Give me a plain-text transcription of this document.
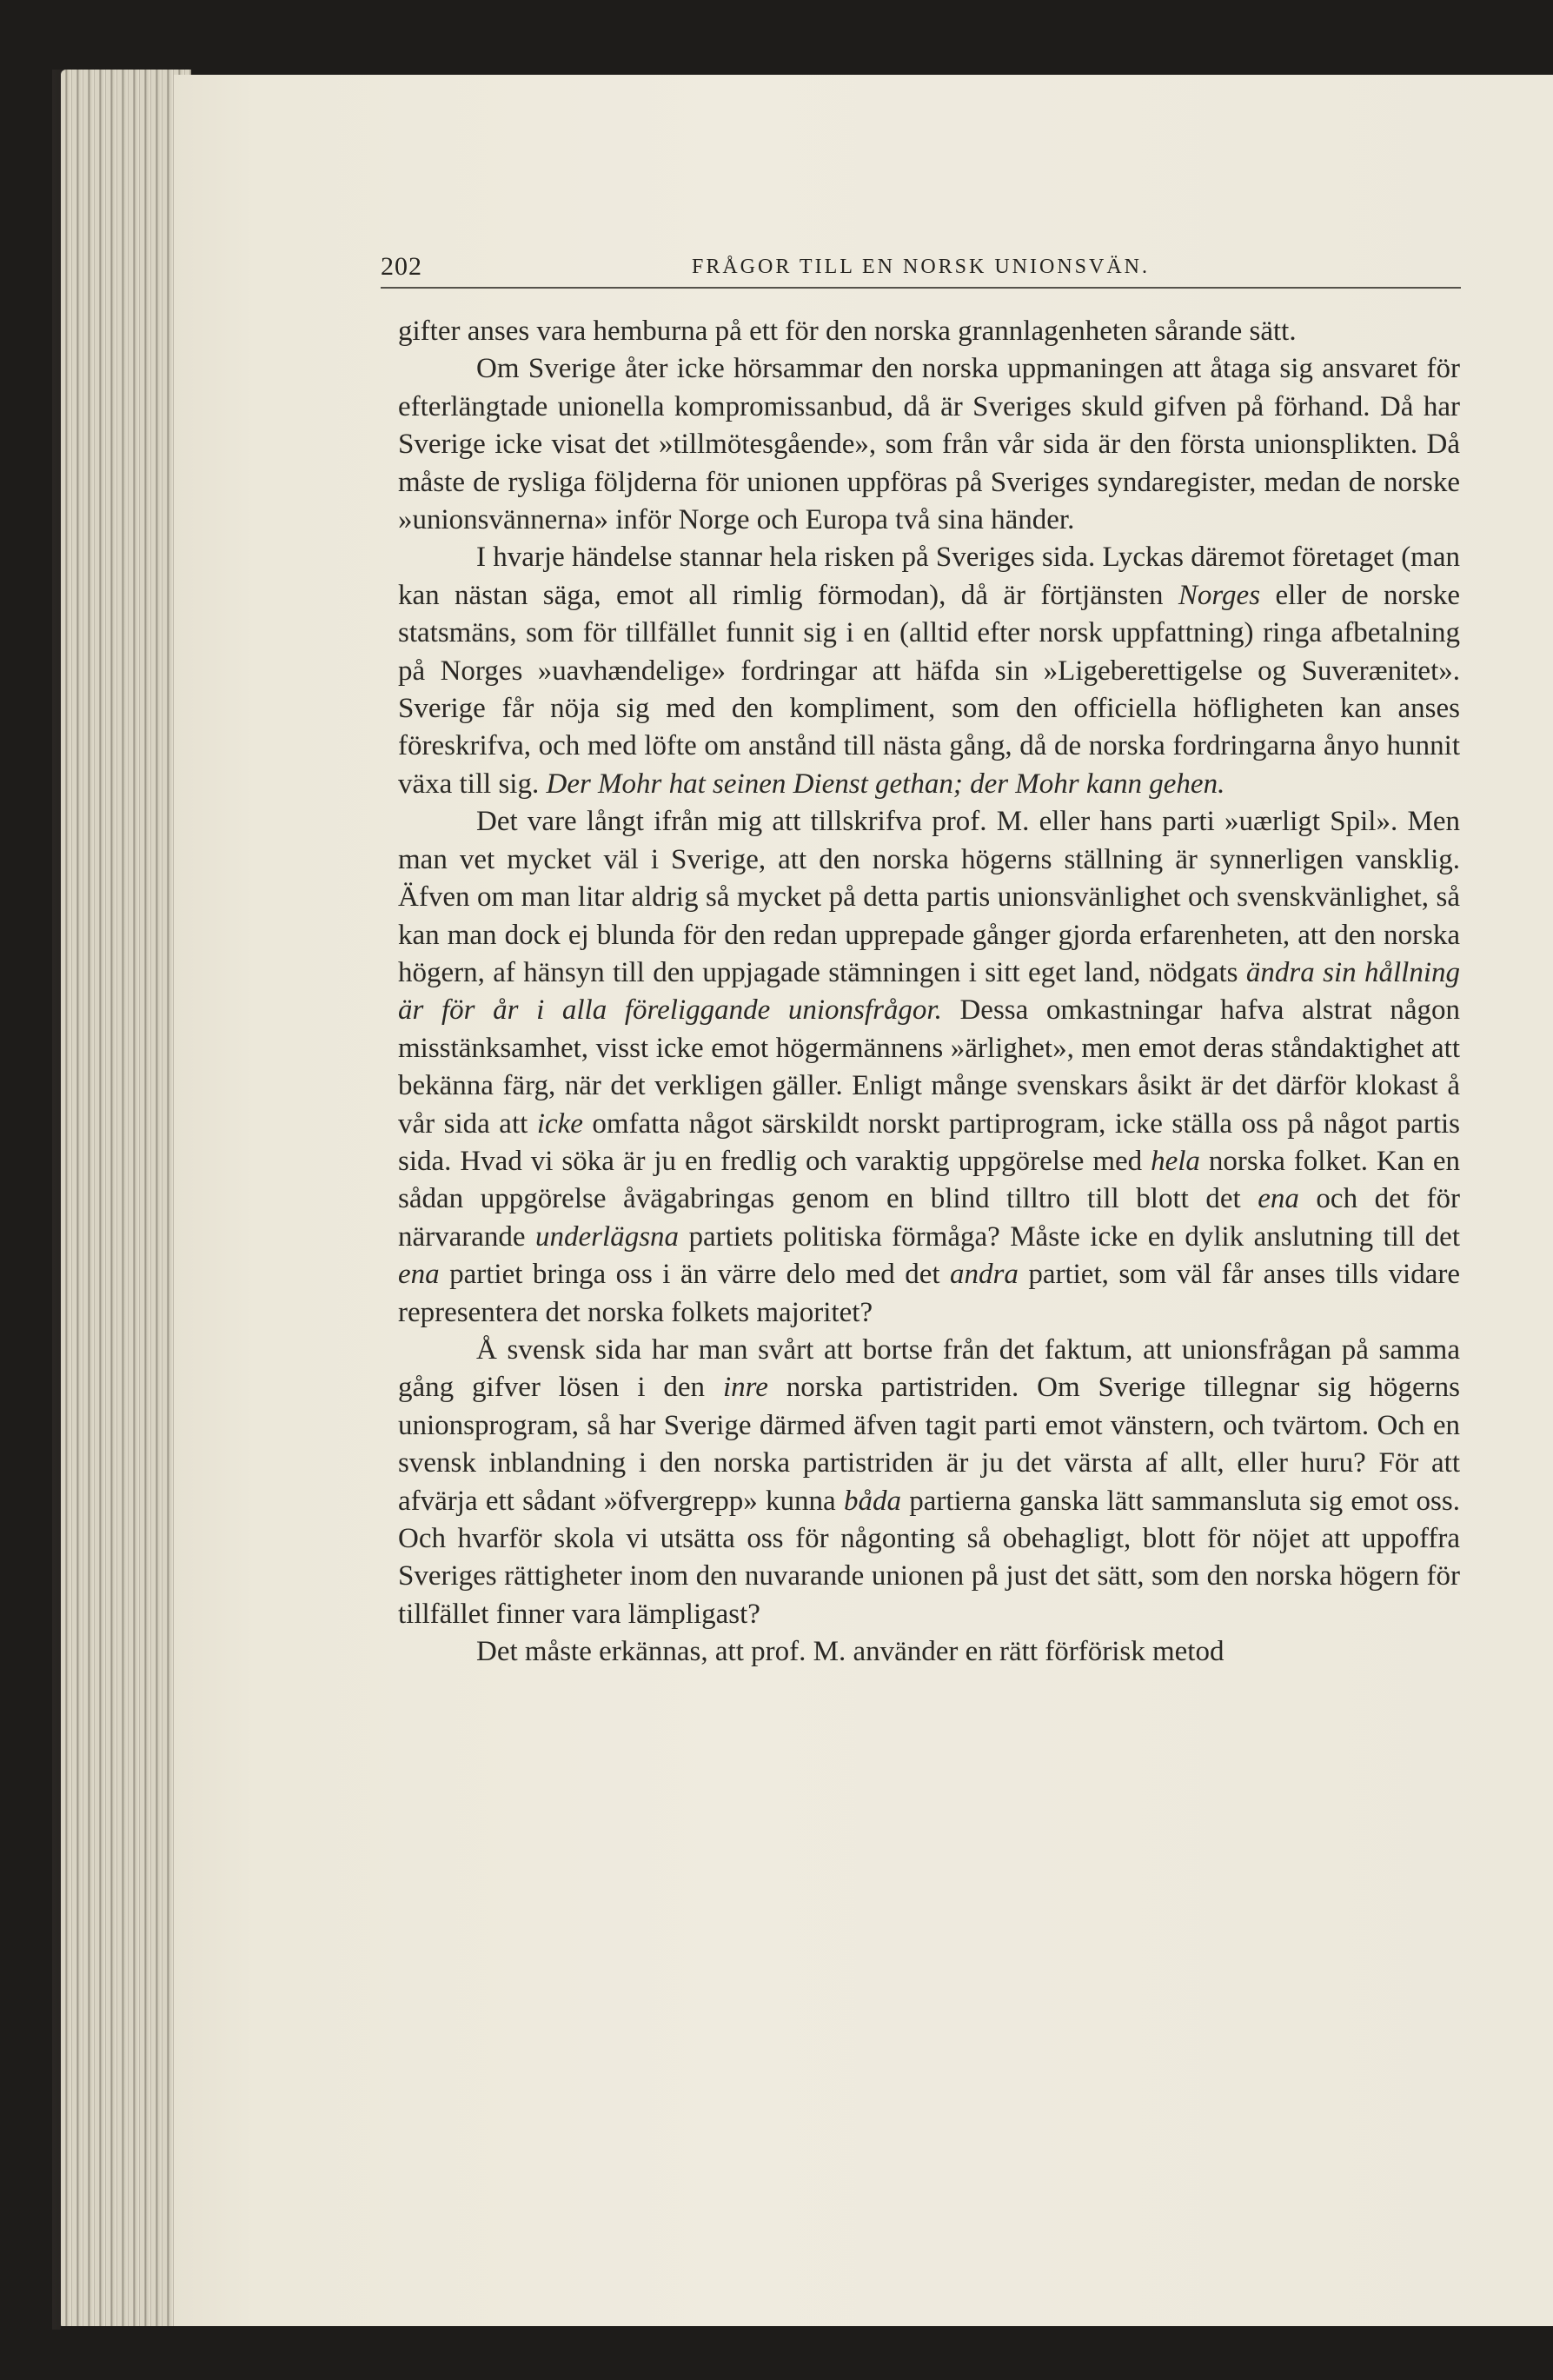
202	FRÅGOR TILL EN NORSK UNIONSVÄN.

gifter anses vara hemburna på ett för den norska grannlagenheten sårande sätt.

Om Sverige åter icke hörsammar den norska uppmaningen att åtaga sig ansvaret för efterlängtade unionella kompromissanbud, då är Sveriges skuld gifven på förhand. Då har Sverige icke visat det »tillmötesgående», som från vår sida är den första unionsplikten. Då måste de rysliga följderna för unionen uppföras på Sveriges syndaregister, medan de norske »unionsvännerna» inför Norge och Europa två sina händer.

I hvarje händelse stannar hela risken på Sveriges sida. Lyckas däremot företaget (man kan nästan säga, emot all rimlig förmodan), då är förtjänsten Norges eller de norske statsmäns, som för tillfället funnit sig i en (alltid efter norsk uppfattning) ringa afbetalning på Norges »uavhændelige» fordringar att häfda sin »Ligeberettigelse og Suverænitet». Sverige får nöja sig med den kompliment, som den officiella höfligheten kan anses föreskrifva, och med löfte om anstånd till nästa gång, då de norska fordringarna ånyo hunnit växa till sig. Der Mohr hat seinen Dienst gethan; der Mohr kann gehen.

Det vare långt ifrån mig att tillskrifva prof. M. eller hans parti »uærligt Spil». Men man vet mycket väl i Sverige, att den norska högerns ställning är synnerligen vansklig. Äfven om man litar aldrig så mycket på detta partis unionsvänlighet och svenskvänlighet, så kan man dock ej blunda för den redan upprepade gånger gjorda erfarenheten, att den norska högern, af hänsyn till den uppjagade stämningen i sitt eget land, nödgats ändra sin hållning är för år i alla föreliggande unionsfrågor. Dessa omkastningar hafva alstrat någon misstänksamhet, visst icke emot högermännens »ärlighet», men emot deras ståndaktighet att bekänna färg, när det verkligen gäller. Enligt månge svenskars åsikt är det därför klokast å vår sida att icke omfatta något särskildt norskt partiprogram, icke ställa oss på något partis sida. Hvad vi söka är ju en fredlig och varaktig uppgörelse med hela norska folket. Kan en sådan uppgörelse åvägabringas genom en blind tilltro till blott det ena och det för närvarande underlägsna partiets politiska förmåga? Måste icke en dylik anslutning till det ena partiet bringa oss i än värre delo med det andra partiet, som väl får anses tills vidare representera det norska folkets majoritet?

Å svensk sida har man svårt att bortse från det faktum, att unionsfrågan på samma gång gifver lösen i den inre norska partistriden. Om Sverige tillegnar sig högerns unionsprogram, så har Sverige därmed äfven tagit parti emot vänstern, och tvärtom. Och en svensk inblandning i den norska partistriden är ju det värsta af allt, eller huru? För att afvärja ett sådant »öfvergrepp» kunna båda partierna ganska lätt sammansluta sig emot oss. Och hvarför skola vi utsätta oss för någonting så obehagligt, blott för nöjet att uppoffra Sveriges rättigheter inom den nuvarande unionen på just det sätt, som den norska högern för tillfället finner vara lämpligast?

Det måste erkännas, att prof. M. använder en rätt förförisk metod
